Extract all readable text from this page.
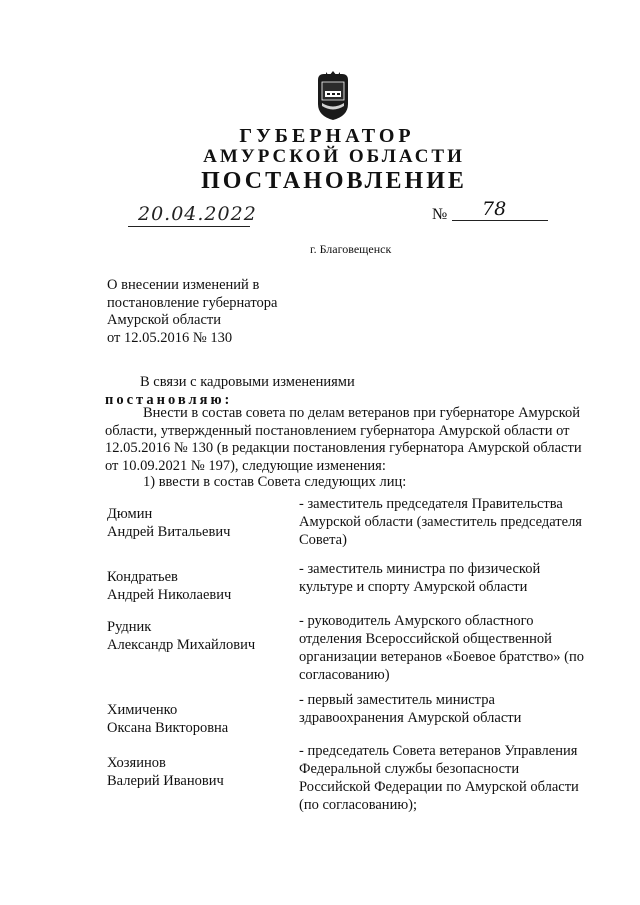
ГУБЕРНАТОР
АМУРСКОЙ ОБЛАСТИ
ПОСТАНОВЛЕНИЕ
20.04.2022	№ 78
г. Благовещенск
О внесении изменений в
постановление губернатора
Амурской области
от 12.05.2016 № 130
В связи с кадровыми изменениями
постановляю:
Внести в состав совета по делам ветеранов при губернаторе Амурской
области, утвержденный постановлением губернатора Амурской области от
12.05.2016 № 130 (в редакции постановления губернатора Амурской области
от 10.09.2021 № 197), следующие изменения:
1) ввести в состав Совета следующих лиц:
Дюмин
Андрей Витальевич
- заместитель председателя Правительства
Амурской области (заместитель председателя
Совета)
Кондратьев
Андрей Николаевич
- заместитель министра по физической
культуре и спорту Амурской области
Рудник
Александр Михайлович
- руководитель Амурского областного
отделения Всероссийской общественной
организации ветеранов «Боевое братство» (по
согласованию)
Химиченко
Оксана Викторовна
- первый заместитель министра
здравоохранения Амурской области
Хозяинов
Валерий Иванович
- председатель Совета ветеранов Управления
Федеральной службы безопасности
Российской Федерации по Амурской области
(по согласованию);
